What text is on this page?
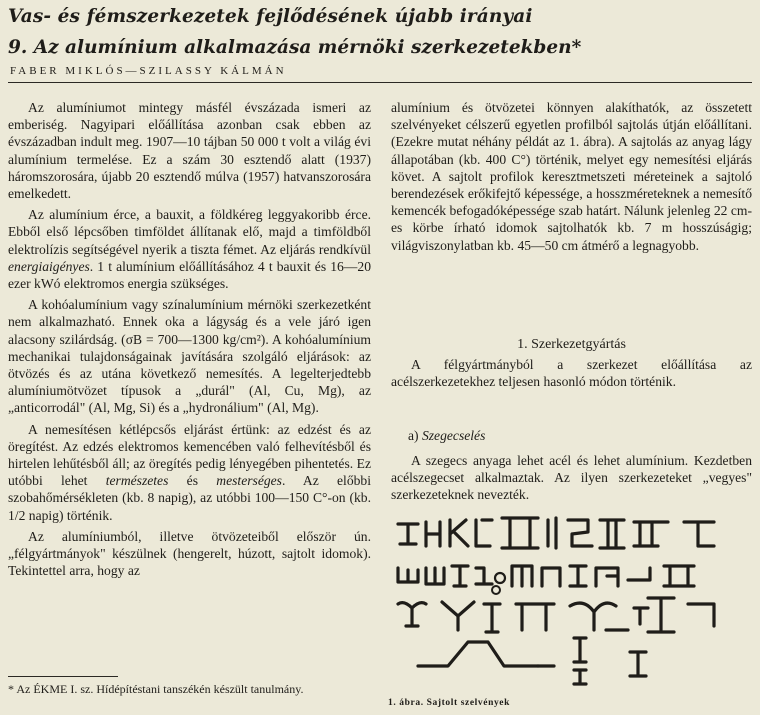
Vas- és fémszerkezetek fejlődésének újabb irányai
9. Az alumínium alkalmazása mérnöki szerkezetekben*
FABER MIKLÓS—SZILASSY KÁLMÁN

Az alumíniumot mintegy másfél évszázada ismeri az emberiség. Nagyipari előállítása azonban csak ebben az évszázadban indult meg. 1907—10 tájban 50 000 t volt a világ évi alumínium termelése. Ez a szám 30 esztendő alatt (1937) háromszorosára, újabb 20 esztendő múlva (1957) hatvanszorosára emelkedett.

Az alumínium érce, a bauxit, a földkéreg leggyakoribb érce. Ebből első lépcsőben timföldet állítanak elő, majd a timföldből elektrolízis segítségével nyerik a tiszta fémet. Az eljárás rendkívül energiaigényes. 1 t alumínium előállításához 4 t bauxit és 16—20 ezer kWó elektromos energia szükséges.

A kohóalumínium vagy színalumínium mérnöki szerkezetként nem alkalmazható. Ennek oka a lágyság és a vele járó igen alacsony szilárdság. (σB = 700—1300 kg/cm²). A kohóalumínium mechanikai tulajdonságainak javítására szolgáló eljárások: az ötvözés és az utána következő nemesítés. A legelterjedtebb alumíniumötvözet típusok a „durál" (Al, Cu, Mg), az „anticorrodál" (Al, Mg, Si) és a „hydronálium" (Al, Mg).

A nemesítésen kétlépcsős eljárást értünk: az edzést és az öregítést. Az edzés elektromos kemencében való felhevítésből és hirtelen lehűtésből áll; az öregítés pedig lényegében pihentetés. Ez utóbbi lehet természetes és mesterséges. Az előbbi szobahőmérsékleten (kb. 8 napig), az utóbbi 100—150 C°-on (kb. 1/2 napig) történik.

Az alumíniumból, illetve ötvözeteiből először ún. „félgyártmányok" készülnek (hengerelt, húzott, sajtolt idomok). Tekintettel arra, hogy az

* Az ÉKME I. sz. Hídépítéstani tanszékén készült tanulmány.

alumínium és ötvözetei könnyen alakíthatók, az összetett szelvényeket célszerű egyetlen profilból sajtolás útján előállítani. (Ezekre mutat néhány példát az 1. ábra). A sajtolás az anyag lágy állapotában (kb. 400 C°) történik, melyet egy nemesítési eljárás követ. A sajtolt profilok keresztmetszeti méreteinek a sajtoló berendezések erőkifejtő képessége, a hosszméreteknek a nemesítő kemencék befogadóképessége szab határt. Nálunk jelenleg 22 cm-es körbe írható idomok sajtolhatók kb. 7 m hosszúságig; világviszonylatban kb. 45—50 cm átmérő a legnagyobb.

1. Szerkezetgyártás

A félgyártmányból a szerkezet előállítása az acélszerkezetekhez teljesen hasonló módon történik.

a) Szegecselés

A szegecs anyaga lehet acél és lehet alumínium. Kezdetben acélszegecset alkalmaztak. Az ilyen szerkezeteket „vegyes" szerkezeteknek nevezték.

1. ábra. Sajtolt szelvények
